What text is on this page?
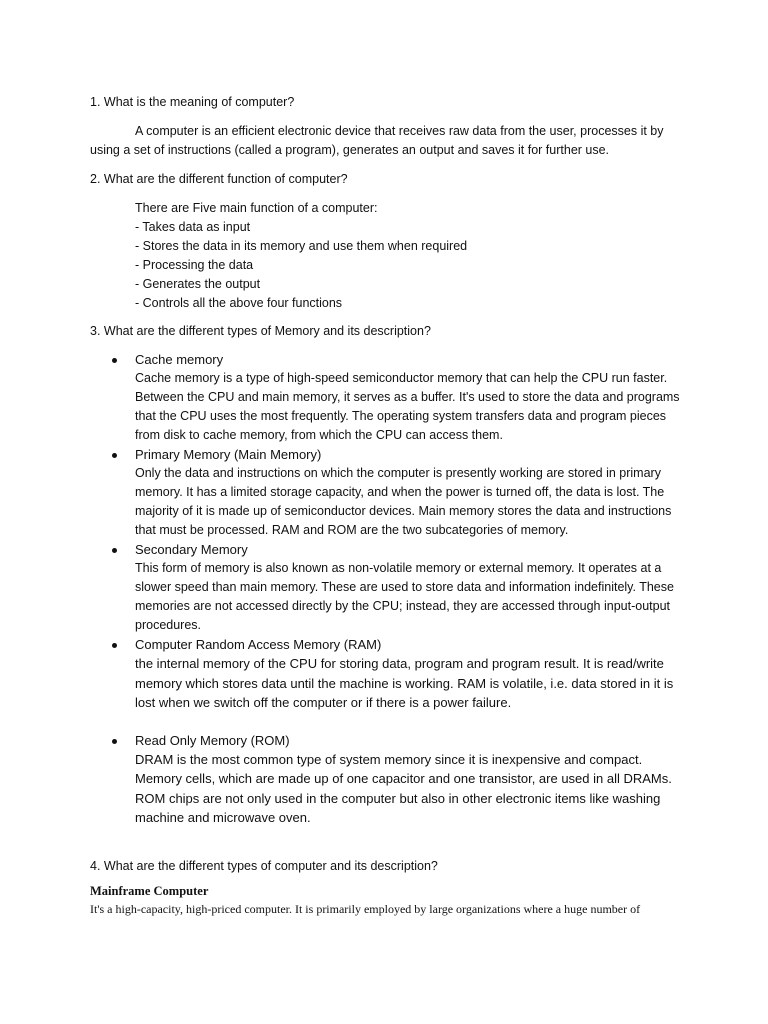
1. What is the meaning of computer?

A computer is an efficient electronic device that receives raw data from the user, processes it by using a set of instructions (called a program), generates an output and saves it for further use.

2. What are the different function of computer?

There are Five main function of a computer:
- Takes data as input
- Stores the data in its memory and use them when required
- Processing the data
- Generates the output
- Controls all the above four functions

3. What are the different types of Memory and its description?

Cache memory

Cache memory is a type of high-speed semiconductor memory that can help the CPU run faster. Between the CPU and main memory, it serves as a buffer. It's used to store the data and programs that the CPU uses the most frequently. The operating system transfers data and program pieces from disk to cache memory, from which the CPU can access them.

Primary Memory (Main Memory)

Only the data and instructions on which the computer is presently working are stored in primary memory. It has a limited storage capacity, and when the power is turned off, the data is lost. The majority of it is made up of semiconductor devices. Main memory stores the data and instructions that must be processed. RAM and ROM are the two subcategories of memory.

Secondary Memory

This form of memory is also known as non-volatile memory or external memory. It operates at a slower speed than main memory. These are used to store data and information indefinitely. These memories are not accessed directly by the CPU; instead, they are accessed through input-output procedures.

Computer Random Access Memory (RAM)

the internal memory of the CPU for storing data, program and program result. It is read/write memory which stores data until the machine is working. RAM is volatile, i.e. data stored in it is lost when we switch off the computer or if there is a power failure.

Read Only Memory (ROM)

DRAM is the most common type of system memory since it is inexpensive and compact. Memory cells, which are made up of one capacitor and one transistor, are used in all DRAMs. ROM chips are not only used in the computer but also in other electronic items like washing machine and microwave oven.

4. What are the different types of computer and its description?

Mainframe Computer

It's a high-capacity, high-priced computer. It is primarily employed by large organizations where a huge number of
